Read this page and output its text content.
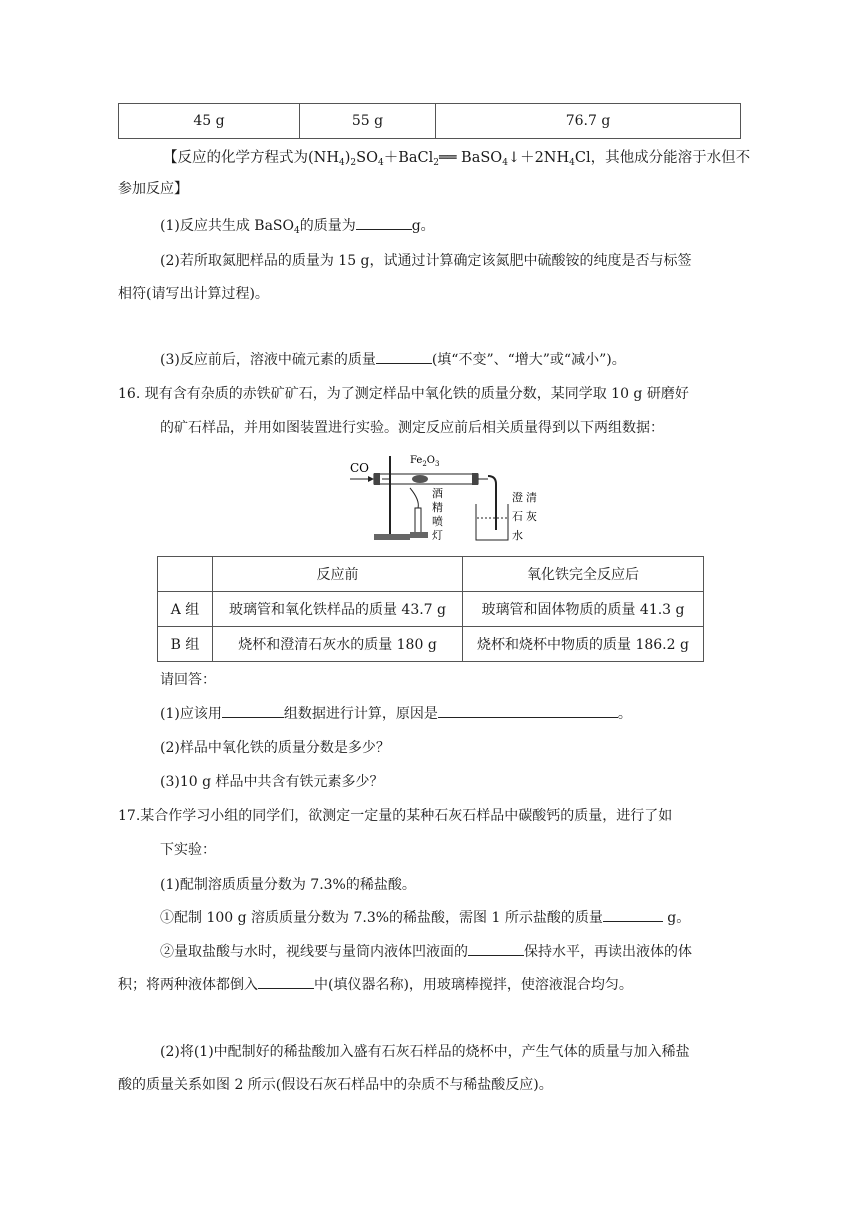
45 g	55 g	76.7 g
【反应的化学方程式为$(NH_4)_2SO_4+BaCl_2══$ $BaSO_4↓+2NH_4Cl$，其他成分能溶于水但不
参加反应】
(1)反应共生成 BaSO$_4$的质量为	g。
(2)若所取氮肥样品的质量为 15 g，试通过计算确定该氮肥中硫酸铵的纯度是否与标签
相符(请写出计算过程)。
(3)反应前后，溶液中硫元素的质量	(填“不变”、“增大”或“减小”)。
16. 现有含有杂质的赤铁矿矿石，为了测定样品中氧化铁的质量分数，某同学取 10 g 研磨好
的矿石样品，并用如图装置进行实验。测定反应前后相关质量得到以下两组数据：
CO
$Fe_2O_3$
酒
精
喷
灯
澄 清
石 灰
水
	反应前	氧化铁完全反应后
A 组	玻璃管和氧化铁样品的质量 43.7 g	玻璃管和固体物质的质量 41.3 g
B 组	烧杯和澄清石灰水的质量 180 g	烧杯和烧杯中物质的质量 186.2 g
请回答：
(1)应该用	组数据进行计算，原因是	。
(2)样品中氧化铁的质量分数是多少？
(3)10 g 样品中共含有铁元素多少？
17.某合作学习小组的同学们，欲测定一定量的某种石灰石样品中碳酸钙的质量，进行了如
下实验：
(1)配制溶质质量分数为 7.3%的稀盐酸。
①配制 100 g 溶质质量分数为 7.3%的稀盐酸，需图 1 所示盐酸的质量	g。
②量取盐酸与水时，视线要与量筒内液体凹液面的	保持水平，再读出液体的体
积；将两种液体都倒入	中(填仪器名称)，用玻璃棒搅拌，使溶液混合均匀。
(2)将(1)中配制好的稀盐酸加入盛有石灰石样品的烧杯中，产生气体的质量与加入稀盐
酸的质量关系如图 2 所示(假设石灰石样品中的杂质不与稀盐酸反应)。
